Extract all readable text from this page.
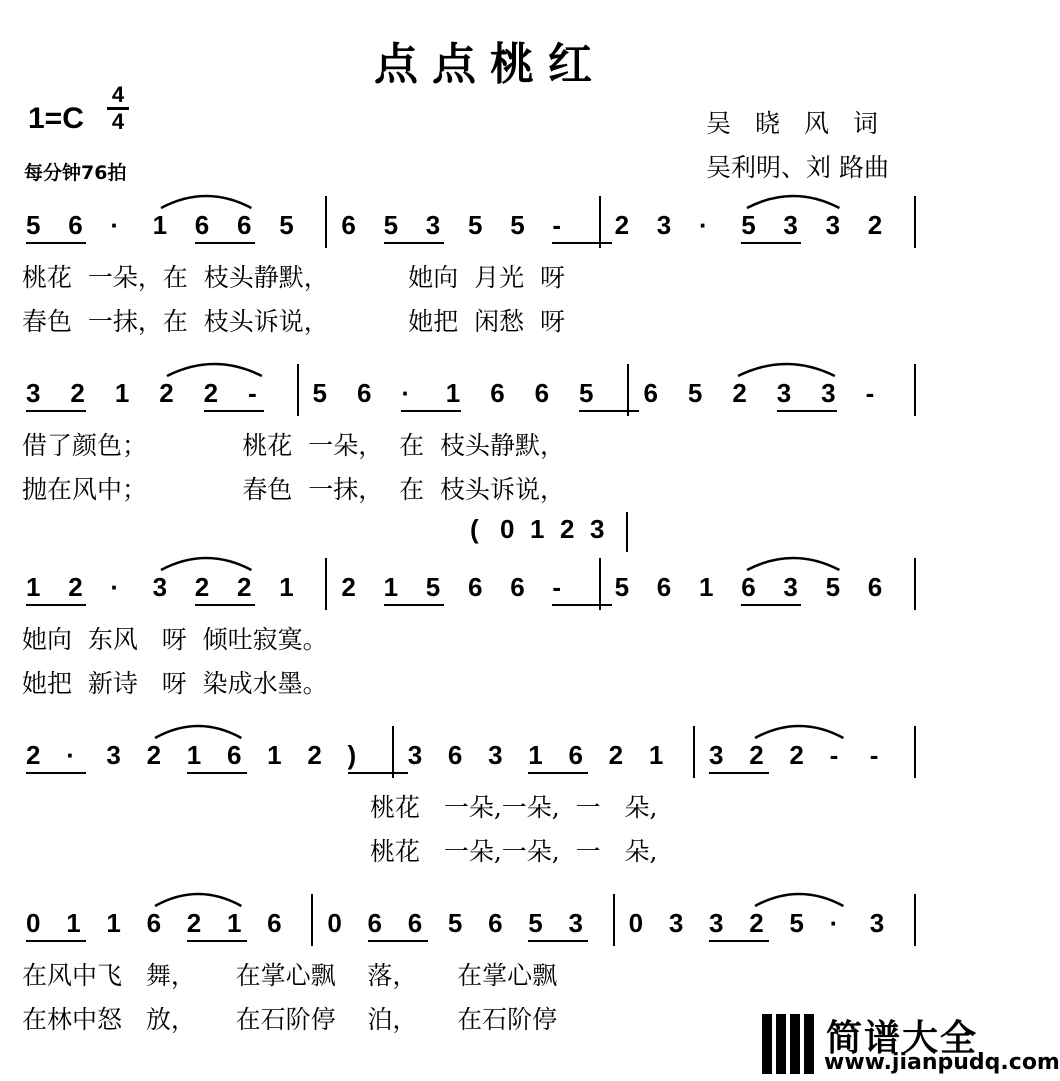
点点桃红
1=C
4
4
每分钟76拍
吴晓风词
吴利明、刘 路曲
5 6 · 1 6 6 5 6 5 3 5 5 - 2 3 · 5 3 3 2
桃花  一朵，在  枝头静默，          她向  月光  呀
春色  一抹，在  枝头诉说，          她把  闲愁  呀
3 2 1 2 2 - 5 6 · 1 6 6 5 6 5 2 3 3 -
借了颜色；            桃花  一朵，  在  枝头静默，
抛在风中；            春色  一抹，  在  枝头诉说，
( 0 1 2 3
1 2 · 3 2 2 1 2 1 5 6 6 - 5 6 1 6 3 5 6
她向  东风   呀  倾吐寂寞。
她把  新诗   呀  染成水墨。
2 · 3 2 1 6 1 2 ) 3 6 3 1 6 2 1 3 2 2 - -
桃花   一朵,一朵,  一   朵,
桃花   一朵,一朵,  一   朵,
0 1 1 6 2 1 6 0 6 6 5 6 5 3 0 3 3 2 5 · 3
在风中飞   舞，     在掌心飘    落，     在掌心飘
在林中怒   放，     在石阶停    泊，     在石阶停	简谱大全
www.jianpudq.com
